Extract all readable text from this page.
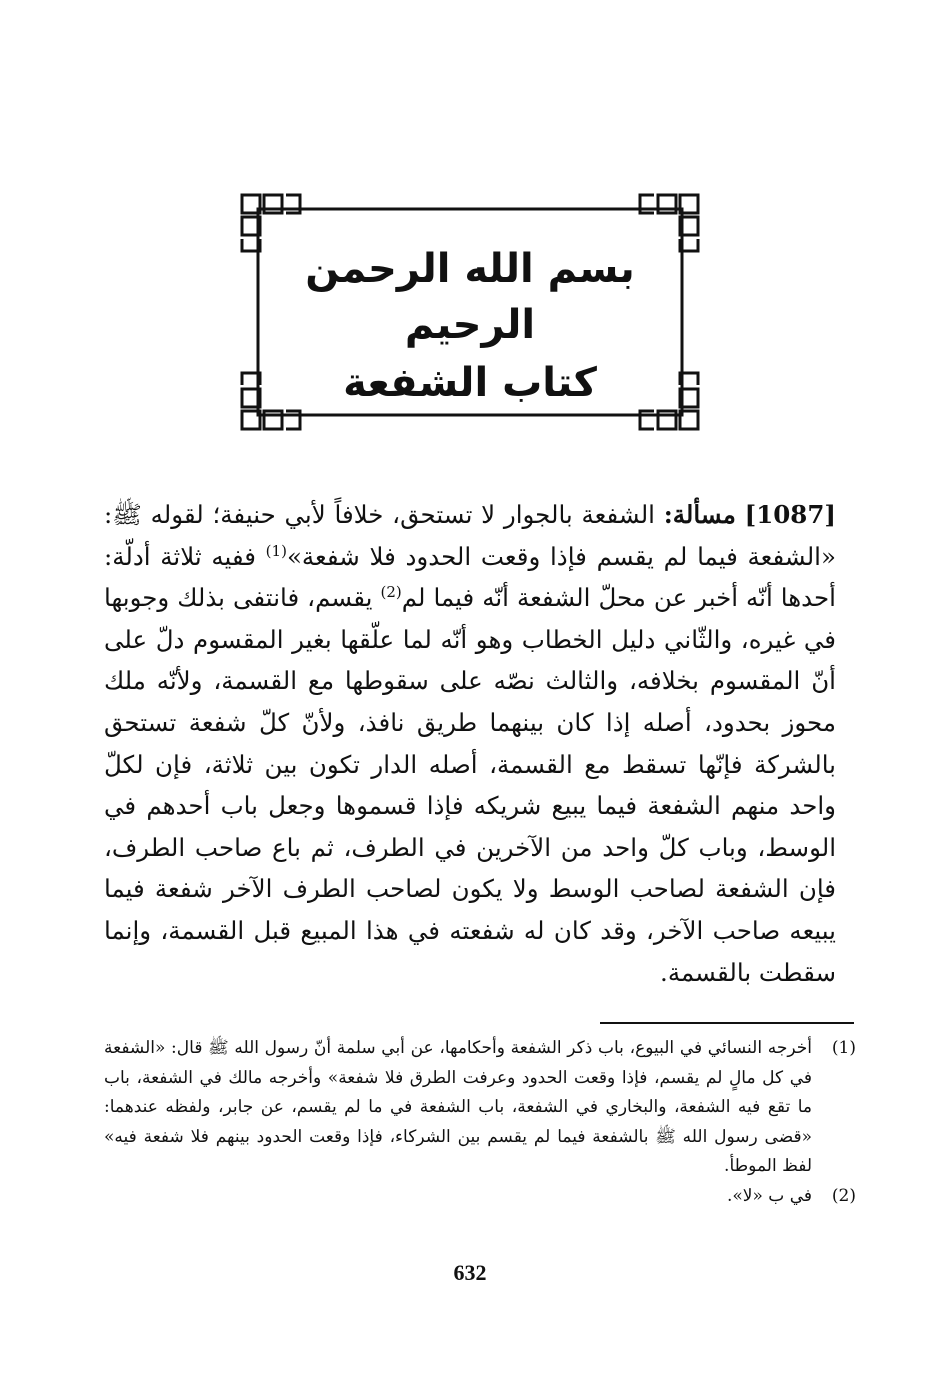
بسم الله الرحمن الرحيم
كتاب الشفعة
[1087] مسألة: الشفعة بالجوار لا تستحق، خلافاً لأبي حنيفة؛ لقوله ﷺ: «الشفعة فيما لم يقسم فإذا وقعت الحدود فلا شفعة»$^{(1)}$ ففيه ثلاثة أدلّة: أحدها أنّه أخبر عن محلّ الشفعة أنّه فيما لم$^{(2)}$ يقسم، فانتفى بذلك وجوبها في غيره، والثّاني دليل الخطاب وهو أنّه لما علّقها بغير المقسوم دلّ على أنّ المقسوم بخلافه، والثالث نصّه على سقوطها مع القسمة، ولأنّه ملك محوز بحدود، أصله إذا كان بينهما طريق نافذ، ولأنّ كلّ شفعة تستحق بالشركة فإنّها تسقط مع القسمة، أصله الدار تكون بين ثلاثة، فإن لكلّ واحد منهم الشفعة فيما يبيع شريكه فإذا قسموها وجعل باب أحدهم في الوسط، وباب كلّ واحد من الآخرين في الطرف، ثم باع صاحب الطرف، فإن الشفعة لصاحب الوسط ولا يكون لصاحب الطرف الآخر شفعة فيما يبيعه صاحب الآخر، وقد كان له شفعته في هذا المبيع قبل القسمة، وإنما سقطت بالقسمة.
(1)
أخرجه النسائي في البيوع، باب ذكر الشفعة وأحكامها، عن أبي سلمة أنّ رسول الله ﷺ قال: «الشفعة في كل مالٍ لم يقسم، فإذا وقعت الحدود وعرفت الطرق فلا شفعة» وأخرجه مالك في الشفعة، باب ما تقع فيه الشفعة، والبخاري في الشفعة، باب الشفعة في ما لم يقسم، عن جابر، ولفظه عندهما: «قضى رسول الله ﷺ بالشفعة فيما لم يقسم بين الشركاء، فإذا وقعت الحدود بينهم فلا شفعة فيه» لفظ الموطأ.
(2)
في ب «لا».
632
